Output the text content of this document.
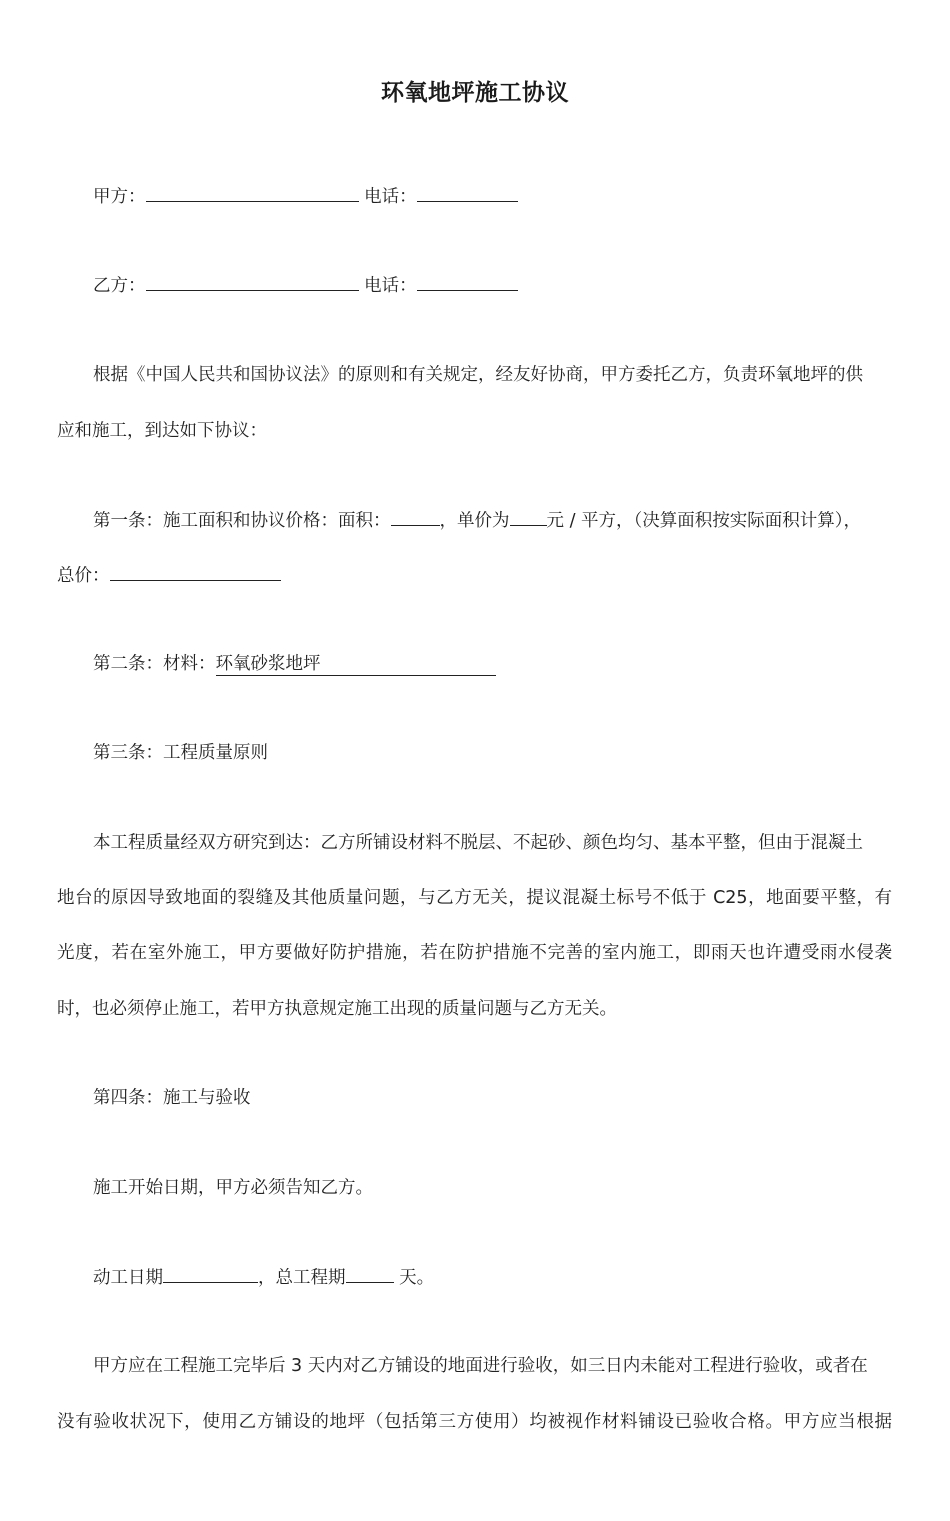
环氧地坪施工协议
甲方：	电话：
乙方：	电话：
根据《中国人民共和国协议法》的原则和有关规定，经友好协商，甲方委托乙方，负责环氧地坪的供
应和施工，到达如下协议：
第一条：施工面积和协议价格：面积：	，单价为 元 / 平方，（决算面积按实际面积计算），
总价：
第二条：材料：环氧砂浆地坪
第三条：工程质量原则
本工程质量经双方研究到达：乙方所铺设材料不脱层、不起砂、颜色均匀、基本平整，但由于混凝土
地台的原因导致地面的裂缝及其他质量问题，与乙方无关，提议混凝土标号不低于 C25，地面要平整，有
光度，若在室外施工，甲方要做好防护措施，若在防护措施不完善的室内施工，即雨天也许遭受雨水侵袭
时，也必须停止施工，若甲方执意规定施工出现的质量问题与乙方无关。
第四条：施工与验收
施工开始日期，甲方必须告知乙方。
动工日期	，总工程期	天。
甲方应在工程施工完毕后 3 天内对乙方铺设的地面进行验收，如三日内未能对工程进行验收，或者在
没有验收状况下，使用乙方铺设的地坪（包括第三方使用）均被视作材料铺设已验收合格。甲方应当根据
